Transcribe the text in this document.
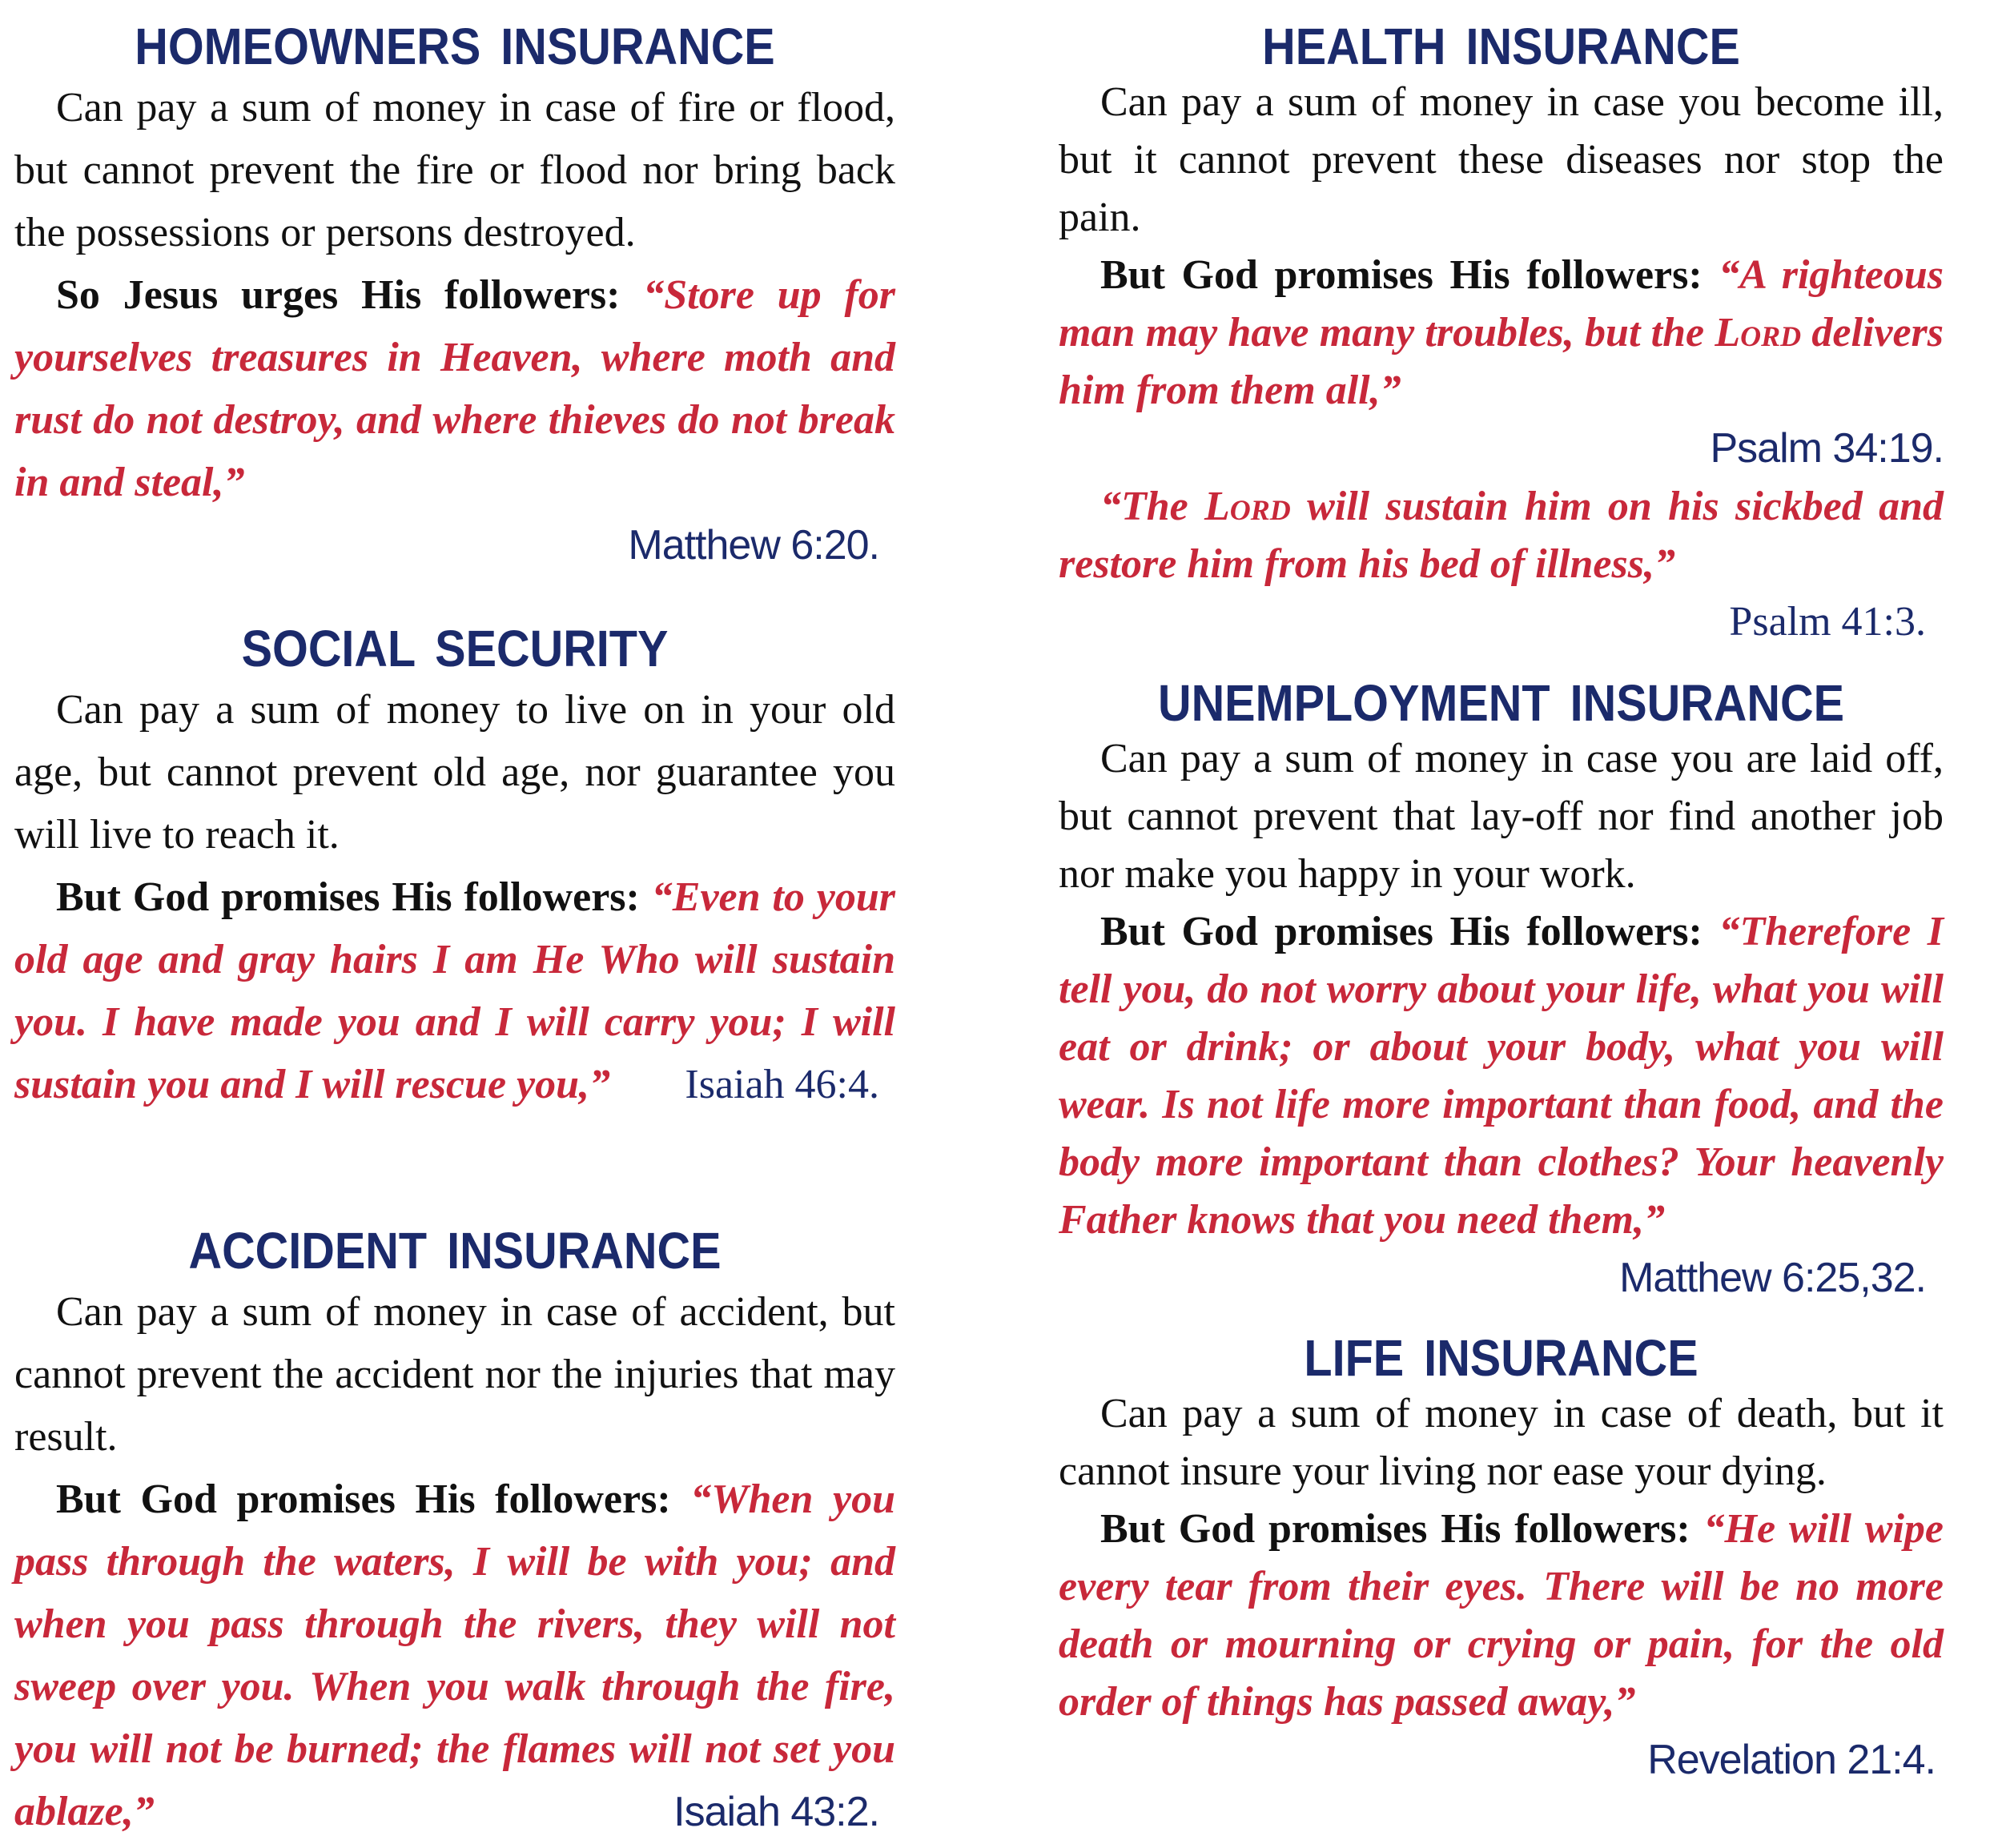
HOMEOWNERS INSURANCE
Can pay a sum of money in case of fire or flood, but cannot prevent the fire or flood nor bring back the possessions or persons destroyed.
So Jesus urges His followers: “Store up for yourselves treasures in Heaven, where moth and rust do not destroy, and where thieves do not break in and steal,”
Matthew 6:20.
SOCIAL SECURITY
Can pay a sum of money to live on in your old age, but cannot prevent old age, nor guarantee you will live to reach it.
But God promises His followers: “Even to your old age and gray hairs I am He Who will sustain you. I have made you and I will carry you; I will sustain you and I will rescue you,”	Isaiah 46:4.
ACCIDENT INSURANCE
Can pay a sum of money in case of accident, but cannot prevent the accident nor the injuries that may result.
But God promises His followers: “When you pass through the waters, I will be with you; and when you pass through the rivers, they will not sweep over you. When you walk through the fire, you will not be burned; the flames will not set you ablaze,”	Isaiah 43:2.
HEALTH INSURANCE
Can pay a sum of money in case you become ill, but it cannot prevent these diseases nor stop the pain.
But God promises His followers: “A righteous man may have many troubles, but the Lord delivers him from them all,”
Psalm 34:19.
“The Lord will sustain him on his sickbed and restore him from his bed of illness,”
Psalm 41:3.
UNEMPLOYMENT INSURANCE
Can pay a sum of money in case you are laid off, but cannot prevent that lay-off nor find another job nor make you happy in your work.
But God promises His followers: “Therefore I tell you, do not worry about your life, what you will eat or drink; or about your body, what you will wear. Is not life more important than food, and the body more important than clothes? Your heavenly Father knows that you need them,”
Matthew 6:25,32.
LIFE INSURANCE
Can pay a sum of money in case of death, but it cannot insure your living nor ease your dying.
But God promises His followers: “He will wipe every tear from their eyes. There will be no more death or mourning or crying or pain, for the old order of things has passed away,”
Revelation 21:4.
